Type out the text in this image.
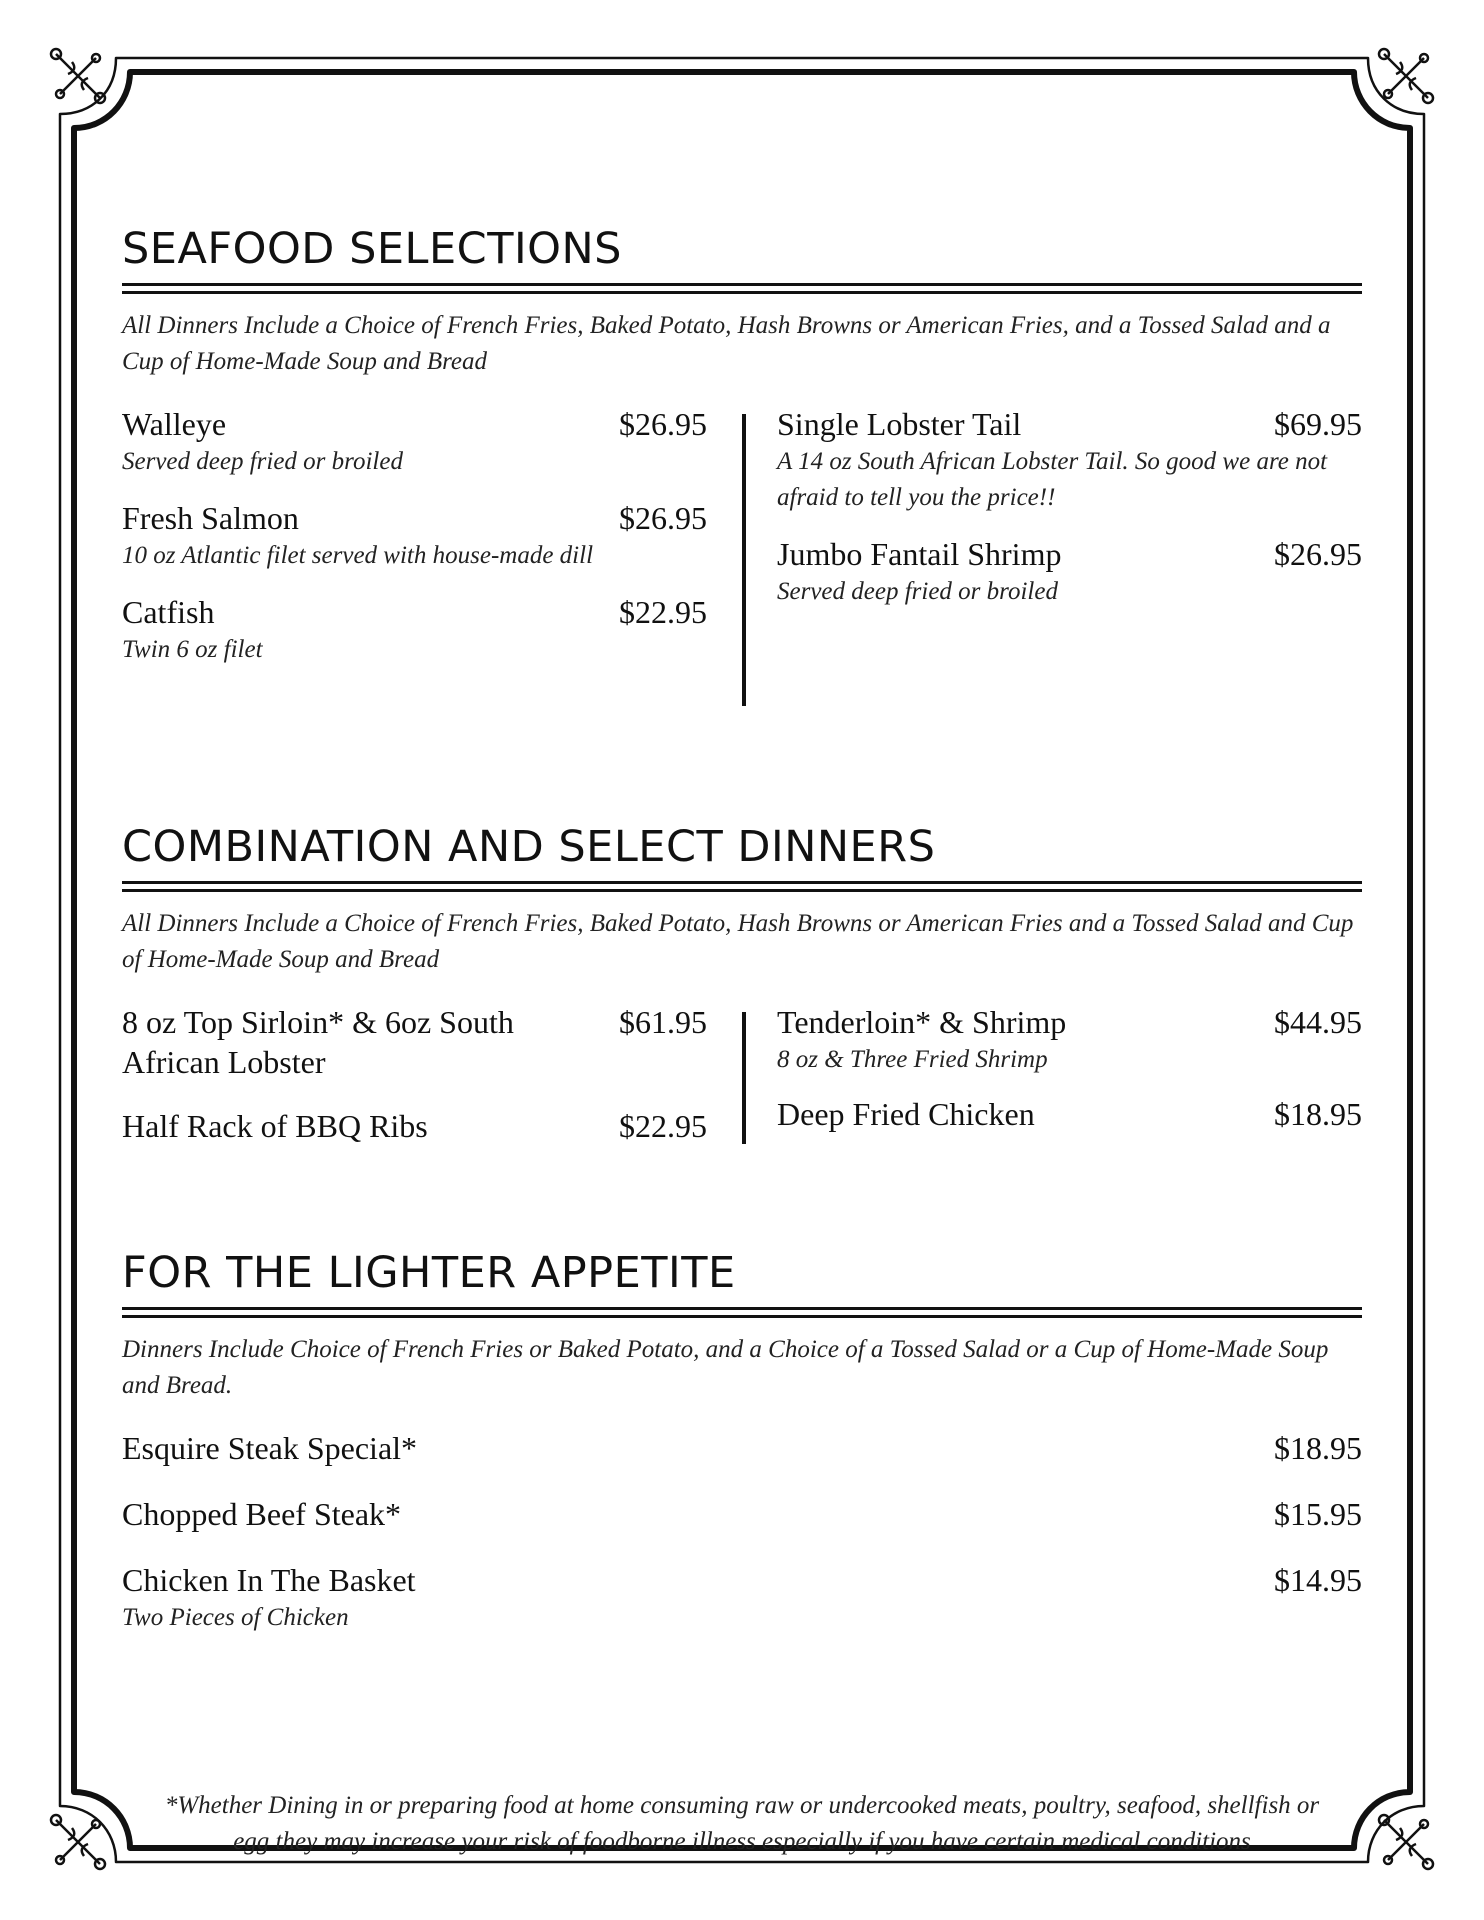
SEAFOOD SELECTIONS
All Dinners Include a Choice of French Fries, Baked Potato, Hash Browns or American Fries, and a Tossed Salad and a Cup of Home-Made Soup and Bread
Walleye	$26.95
Served deep fried or broiled
Fresh Salmon	$26.95
10 oz Atlantic filet served with house-made dill
Catfish	$22.95
Twin 6 oz filet
Single Lobster Tail	$69.95
A 14 oz South African Lobster Tail. So good we are not afraid to tell you the price!!
Jumbo Fantail Shrimp	$26.95
Served deep fried or broiled
COMBINATION AND SELECT DINNERS
All Dinners Include a Choice of French Fries, Baked Potato, Hash Browns or American Fries and a Tossed Salad and Cup of Home-Made Soup and Bread
8 oz Top Sirloin* & 6oz South African Lobster
$61.95
Half Rack of BBQ Ribs	$22.95
Tenderloin* & Shrimp	$44.95
8 oz & Three Fried Shrimp
Deep Fried Chicken	$18.95
FOR THE LIGHTER APPETITE
Dinners Include Choice of French Fries or Baked Potato, and a Choice of a Tossed Salad or a Cup of Home-Made Soup and Bread.
Esquire Steak Special*	$18.95
Chopped Beef Steak*	$15.95
Chicken In The Basket	$14.95
Two Pieces of Chicken
*Whether Dining in or preparing food at home consuming raw or undercooked meats, poultry, seafood, shellfish or egg they may increase your risk of foodborne illness especially if you have certain medical conditions
